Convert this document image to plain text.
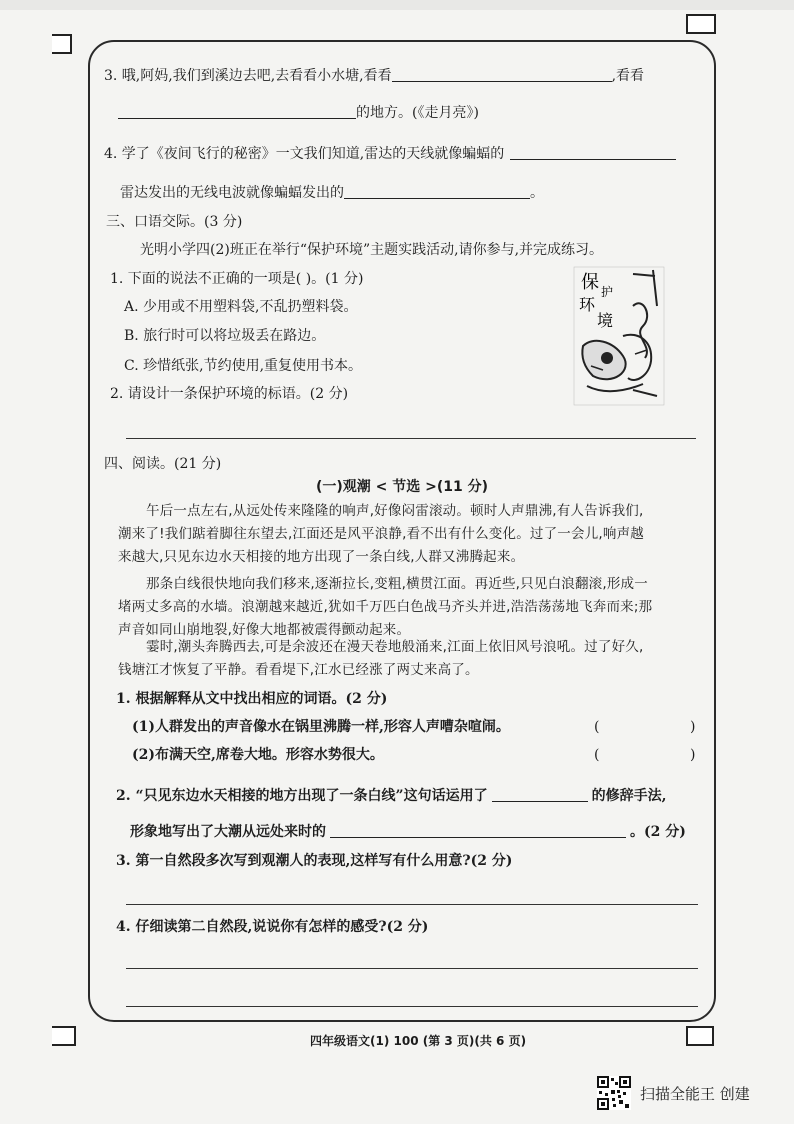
3. 哦,阿妈,我们到溪边去吧,去看看小水塘,看看	,看看
的地方。(《走月亮》)
4. 学了《夜间飞行的秘密》一文我们知道,雷达的天线就像蝙蝠的
雷达发出的无线电波就像蝙蝠发出的	。
三、口语交际。(3 分)
光明小学四(2)班正在举行“保护环境”主题实践活动,请你参与,并完成练习。
1. 下面的说法不正确的一项是( )。(1 分)
A. 少用或不用塑料袋,不乱扔塑料袋。
B. 旅行时可以将垃圾丢在路边。
C. 珍惜纸张,节约使用,重复使用书本。
2. 请设计一条保护环境的标语。(2 分)
保 护
环
境
四、阅读。(21 分)
(一)观潮 < 节选 >(11 分)
午后一点左右,从远处传来隆隆的响声,好像闷雷滚动。顿时人声鼎沸,有人告诉我们,
潮来了!我们踮着脚往东望去,江面还是风平浪静,看不出有什么变化。过了一会儿,响声越
来越大,只见东边水天相接的地方出现了一条白线,人群又沸腾起来。
那条白线很快地向我们移来,逐渐拉长,变粗,横贯江面。再近些,只见白浪翻滚,形成一
堵两丈多高的水墙。浪潮越来越近,犹如千万匹白色战马齐头并进,浩浩荡荡地飞奔而来;那
声音如同山崩地裂,好像大地都被震得颤动起来。
霎时,潮头奔腾西去,可是余波还在漫天卷地般涌来,江面上依旧风号浪吼。过了好久,
钱塘江才恢复了平静。看看堤下,江水已经涨了两丈来高了。
1. 根据解释从文中找出相应的词语。(2 分)
(1)人群发出的声音像水在锅里沸腾一样,形容人声嘈杂喧闹。	(	)
(2)布满天空,席卷大地。形容水势很大。	(	)
2. “只见东边水天相接的地方出现了一条白线”这句话运用了	的修辞手法,
形象地写出了大潮从远处来时的	。(2 分)
3. 第一自然段多次写到观潮人的表现,这样写有什么用意?(2 分)
4. 仔细读第二自然段,说说你有怎样的感受?(2 分)
四年级语文(1) 100 (第 3 页)(共 6 页)
扫描全能王 创建
